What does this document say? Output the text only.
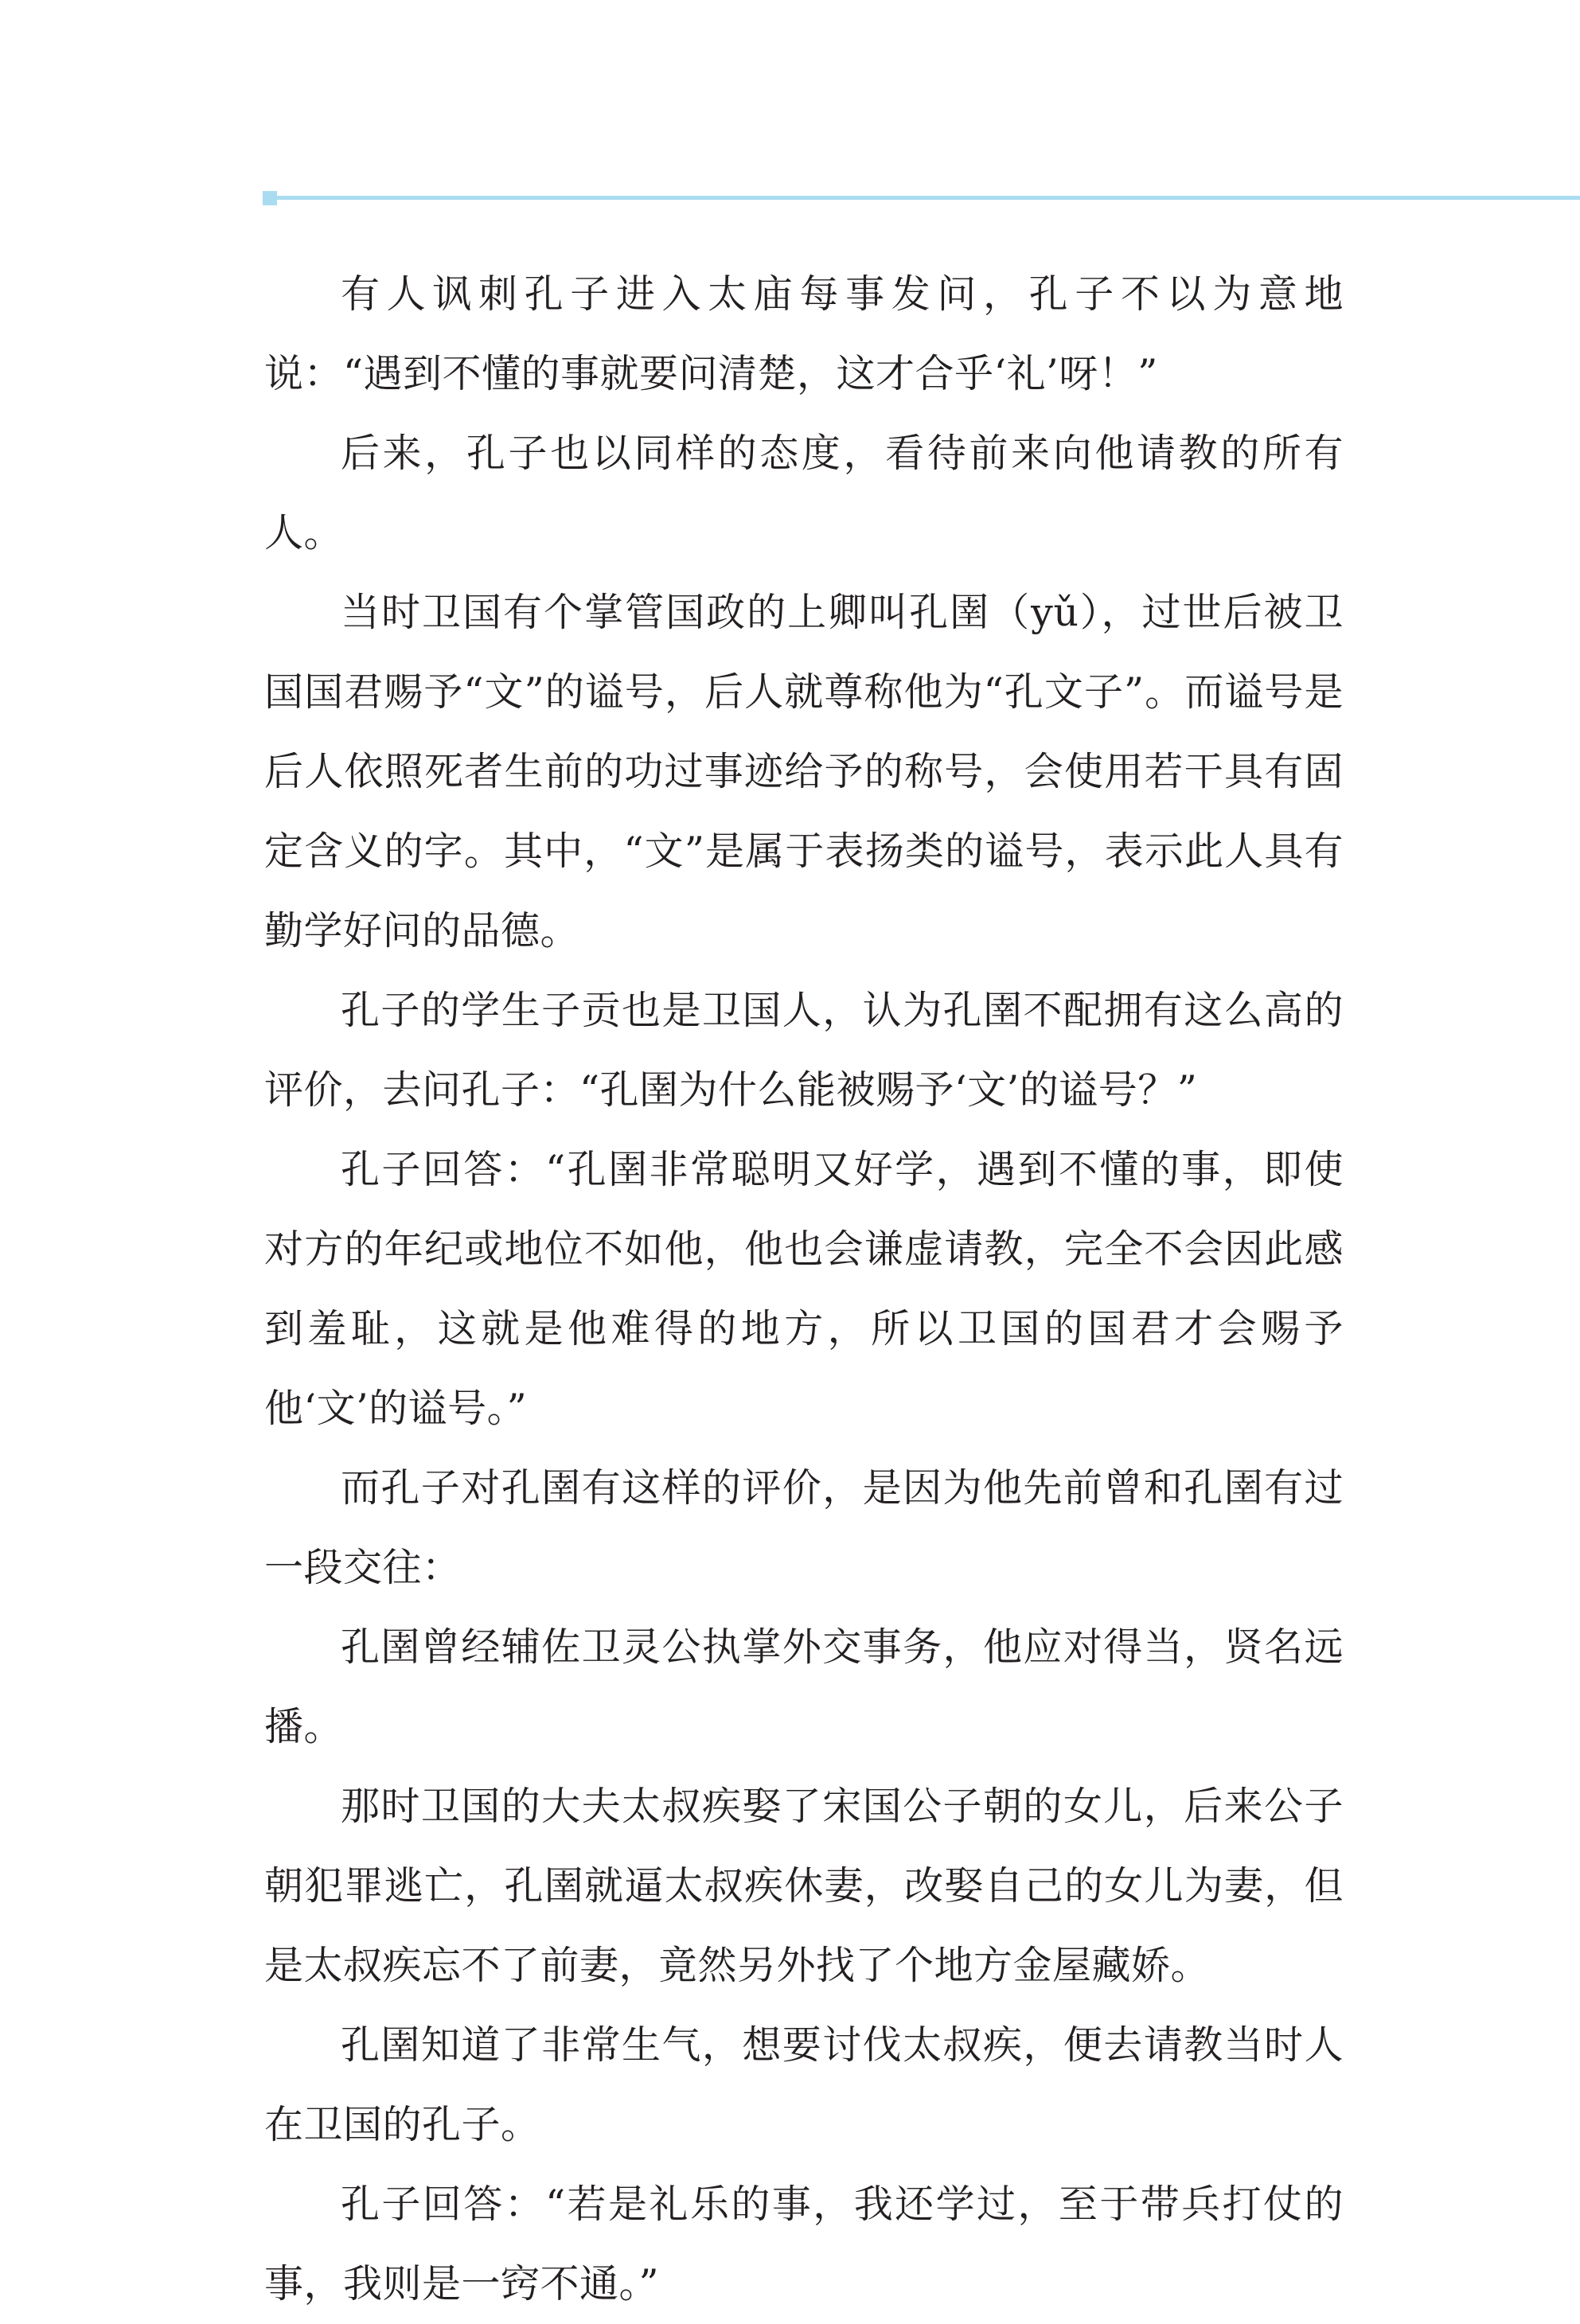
有人讽刺孔子进入太庙每事发问，孔子不以为意地说：“遇到不懂的事就要问清楚，这才合乎‘礼’呀！”

后来，孔子也以同样的态度，看待前来向他请教的所有人。

当时卫国有个掌管国政的上卿叫孔圉（yǔ），过世后被卫国国君赐予“文”的谥号，后人就尊称他为“孔文子”。而谥号是后人依照死者生前的功过事迹给予的称号，会使用若干具有固定含义的字。其中，“文”是属于表扬类的谥号，表示此人具有勤学好问的品德。

孔子的学生子贡也是卫国人，认为孔圉不配拥有这么高的评价，去问孔子：“孔圉为什么能被赐予‘文’的谥号？”

孔子回答：“孔圉非常聪明又好学，遇到不懂的事，即使对方的年纪或地位不如他，他也会谦虚请教，完全不会因此感到羞耻，这就是他难得的地方，所以卫国的国君才会赐予他‘文’的谥号。”

而孔子对孔圉有这样的评价，是因为他先前曾和孔圉有过一段交往：

孔圉曾经辅佐卫灵公执掌外交事务，他应对得当，贤名远播。

那时卫国的大夫太叔疾娶了宋国公子朝的女儿，后来公子朝犯罪逃亡，孔圉就逼太叔疾休妻，改娶自己的女儿为妻，但是太叔疾忘不了前妻，竟然另外找了个地方金屋藏娇。

孔圉知道了非常生气，想要讨伐太叔疾，便去请教当时人在卫国的孔子。

孔子回答：“若是礼乐的事，我还学过，至于带兵打仗的事，我则是一窍不通。”
